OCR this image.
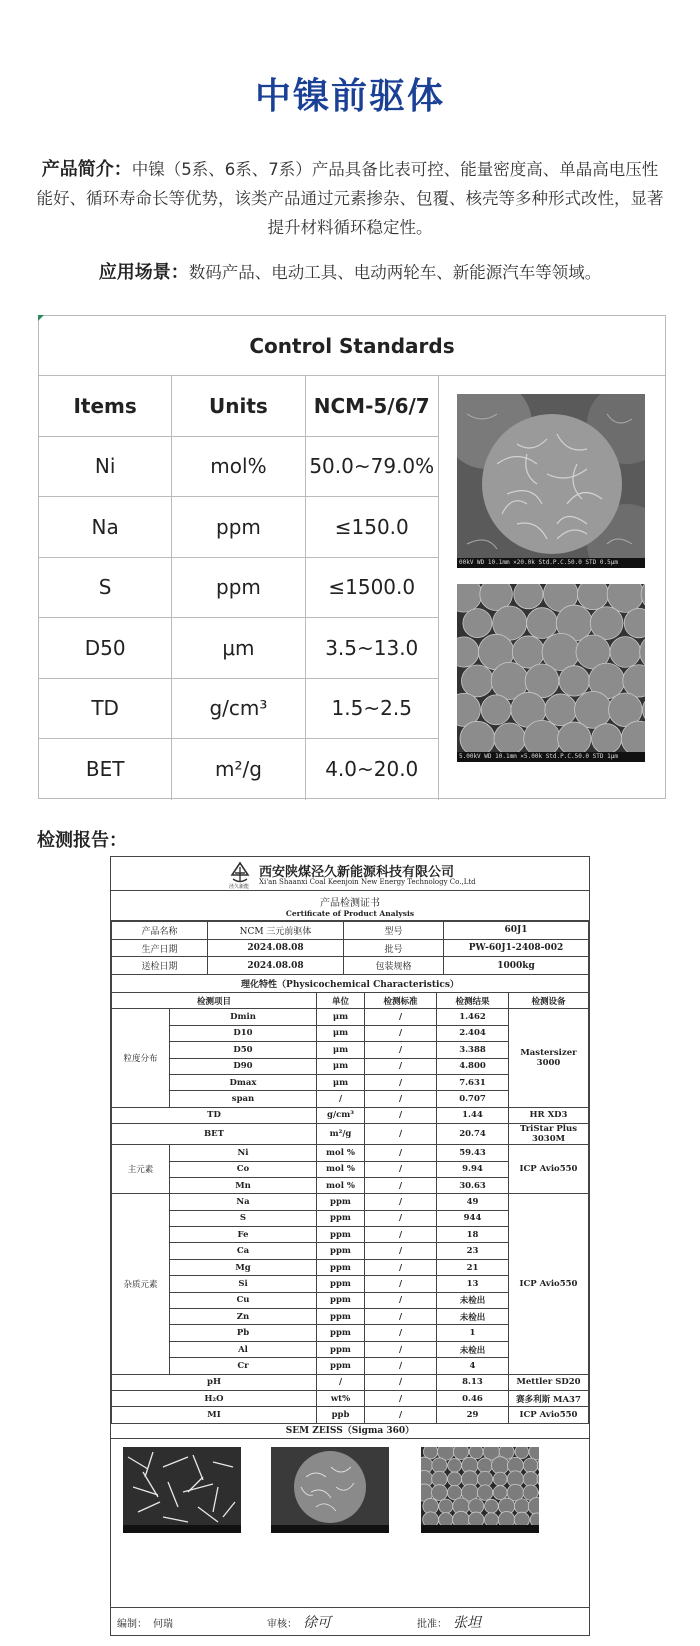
中镍前驱体
产品简介：中镍（5系、6系、7系）产品具备比表可控、能量密度高、单晶高电压性能好、循环寿命长等优势，该类产品通过元素掺杂、包覆、核壳等多种形式改性，显著提升材料循环稳定性。
应用场景：数码产品、电动工具、电动两轮车、新能源汽车等领域。
Control Standards
Items	Units	NCM-5/6/7
Ni	mol%	50.0~79.0%
Na	ppm	≤150.0
S	ppm	≤1500.0
D50	μm	3.5~13.0
TD	g/cm³	1.5~2.5
BET	m²/g	4.0~20.0
00kV WD 10.1mm ×20.0k Std.P.C.50.0 STD 0.5μm
5.00kV WD 10.1mm ×5.00k Std.P.C.50.0 STD 1μm
检测报告：
泾久新能
西安陕煤泾久新能源科技有限公司
Xi'an Shaanxi Coal Keenjoin New Energy Technology Co.,Ltd
产品检测证书
Certificate of Product Analysis
产品名称	NCM 三元前驱体	型号	60J1
生产日期	2024.08.08	批号	PW-60J1-2408-002
送检日期	2024.08.08	包装规格	1000kg
理化特性（Physicochemical Characteristics）			
检测项目		单位	检测标准	检测结果	检测设备
粒度分布	Dmin	μm	/	1.462	Mastersizer 3000
	D10	μm	/	2.404	
	D50	μm	/	3.388	
	D90	μm	/	4.800	
	Dmax	μm	/	7.631	
	span	/	/	0.707	
TD		g/cm³	/	1.44	HR XD3
BET		m²/g	/	20.74	TriStar Plus 3030M
主元素	Ni	mol %	/	59.43	ICP Avio550
	Co	mol %	/	9.94	
	Mn	mol %	/	30.63	
杂质元素	Na	ppm	/	49	ICP Avio550
	S	ppm	/	944	
	Fe	ppm	/	18	
	Ca	ppm	/	23	
	Mg	ppm	/	21	
	Si	ppm	/	13	
	Cu	ppm	/	未检出	
	Zn	ppm	/	未检出	
	Pb	ppm	/	1	
	Al	ppm	/	未检出	
	Cr	ppm	/	4	
pH		/	/	8.13	Mettler SD20
H₂O		wt%	/	0.46	赛多利斯 MA37
MI		ppb	/	29	ICP Avio550
SEM ZEISS（Sigma 360）
编制： 何瑞	审核： 徐可	批准： 张坦
